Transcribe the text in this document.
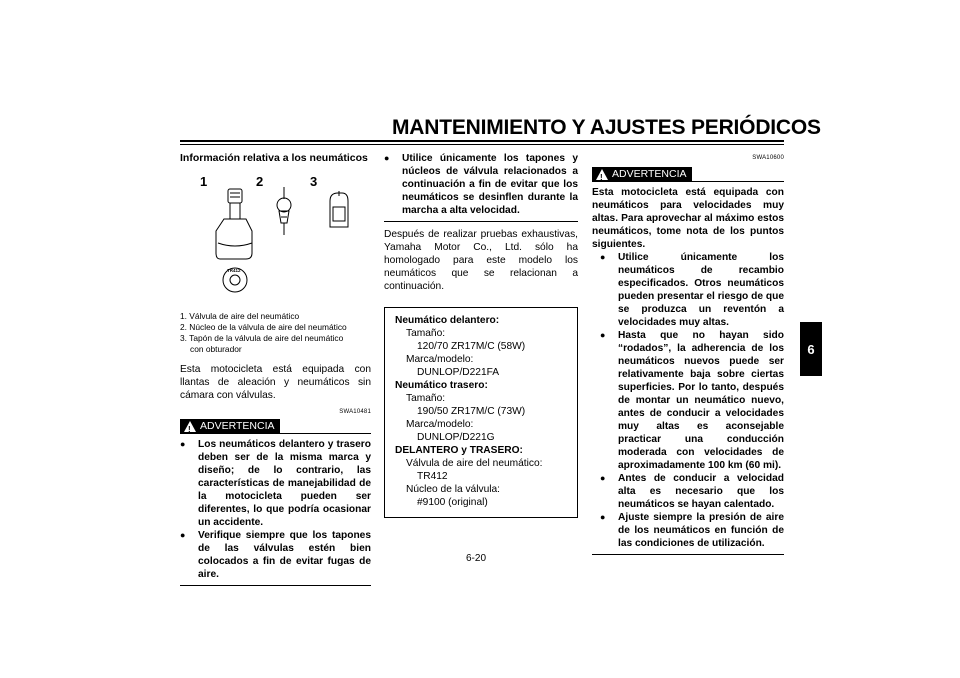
MANTENIMIENTO Y AJUSTES PERIÓDICOS
6
Información relativa a los neumáticos
1	2	3
TR412
1. Válvula de aire del neumático
2. Núcleo de la válvula de aire del neumático
3. Tapón de la válvula de aire del neumático
con obturador
Esta motocicleta está equipada con llantas de aleación y neumáticos sin cámara con válvulas.
SWA10481
! ADVERTENCIA
● Los neumáticos delantero y trasero deben ser de la misma marca y diseño; de lo contrario, las características de manejabilidad de la motocicleta pueden ser diferentes, lo que podría ocasionar un accidente.
● Verifique siempre que los tapones de las válvulas estén bien colocados a fin de evitar fugas de aire.
● Utilice únicamente los tapones y núcleos de válvula relacionados a continuación a fin de evitar que los neumáticos se desinflen durante la marcha a alta velocidad.
Después de realizar pruebas exhaustivas, Yamaha Motor Co., Ltd. sólo ha homologado para este modelo los neumáticos que se relacionan a continuación.
Neumático delantero:
Tamaño:
120/70 ZR17M/C (58W)
Marca/modelo:
DUNLOP/D221FA
Neumático trasero:
Tamaño:
190/50 ZR17M/C (73W)
Marca/modelo:
DUNLOP/D221G
DELANTERO y TRASERO:
Válvula de aire del neumático:
TR412
Núcleo de la válvula:
#9100 (original)
SWA10600
! ADVERTENCIA
Esta motocicleta está equipada con neumáticos para velocidades muy altas. Para aprovechar al máximo estos neumáticos, tome nota de los puntos siguientes.
● Utilice únicamente los neumáticos de recambio especificados. Otros neumáticos pueden presentar el riesgo de que se produzca un reventón a velocidades muy altas.
● Hasta que no hayan sido “rodados”, la adherencia de los neumáticos nuevos puede ser relativamente baja sobre ciertas superficies. Por lo tanto, después de montar un neumático nuevo, antes de conducir a velocidades muy altas es aconsejable practicar una conducción moderada con velocidades de aproximadamente 100 km (60 mi).
● Antes de conducir a velocidad alta es necesario que los neumáticos se hayan calentado.
● Ajuste siempre la presión de aire de los neumáticos en función de las condiciones de utilización.
6-20
